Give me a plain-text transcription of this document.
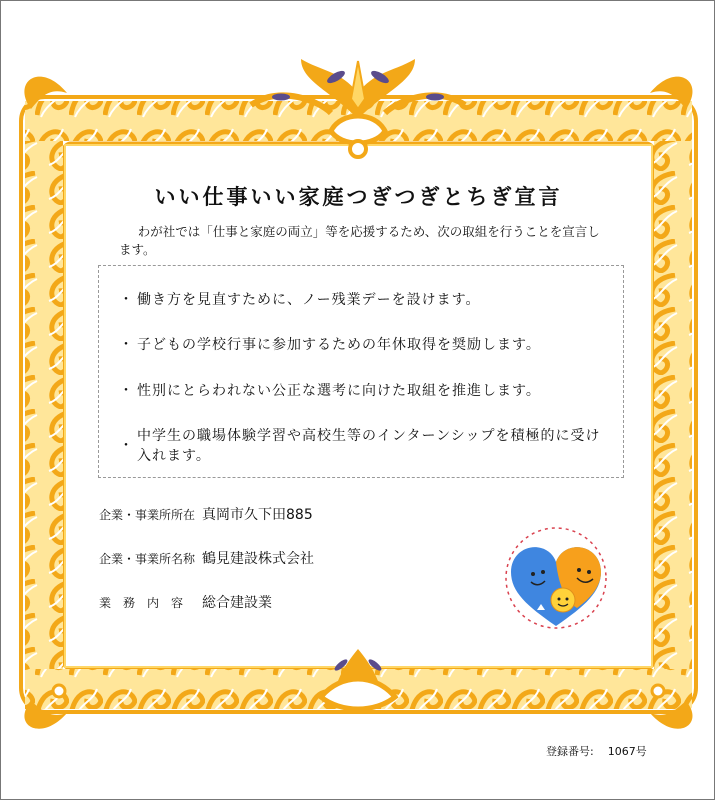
いい仕事いい家庭つぎつぎとちぎ宣言
わが社では「仕事と家庭の両立」等を応援するため、次の取組を行うことを宣言します。
・ 働き方を見直すために、ノー残業デーを設けます。
・ 子どもの学校行事に参加するための年休取得を奨励します。
・ 性別にとらわれない公正な選考に向けた取組を推進します。
・
中学生の職場体験学習や高校生等のインターンシップを積極的に受け入れます。
企業・事業所所在 真岡市久下田885
企業・事業所名称 鶴見建設株式会社
業　務　内　容 総合建設業
登録番号: 1067号
